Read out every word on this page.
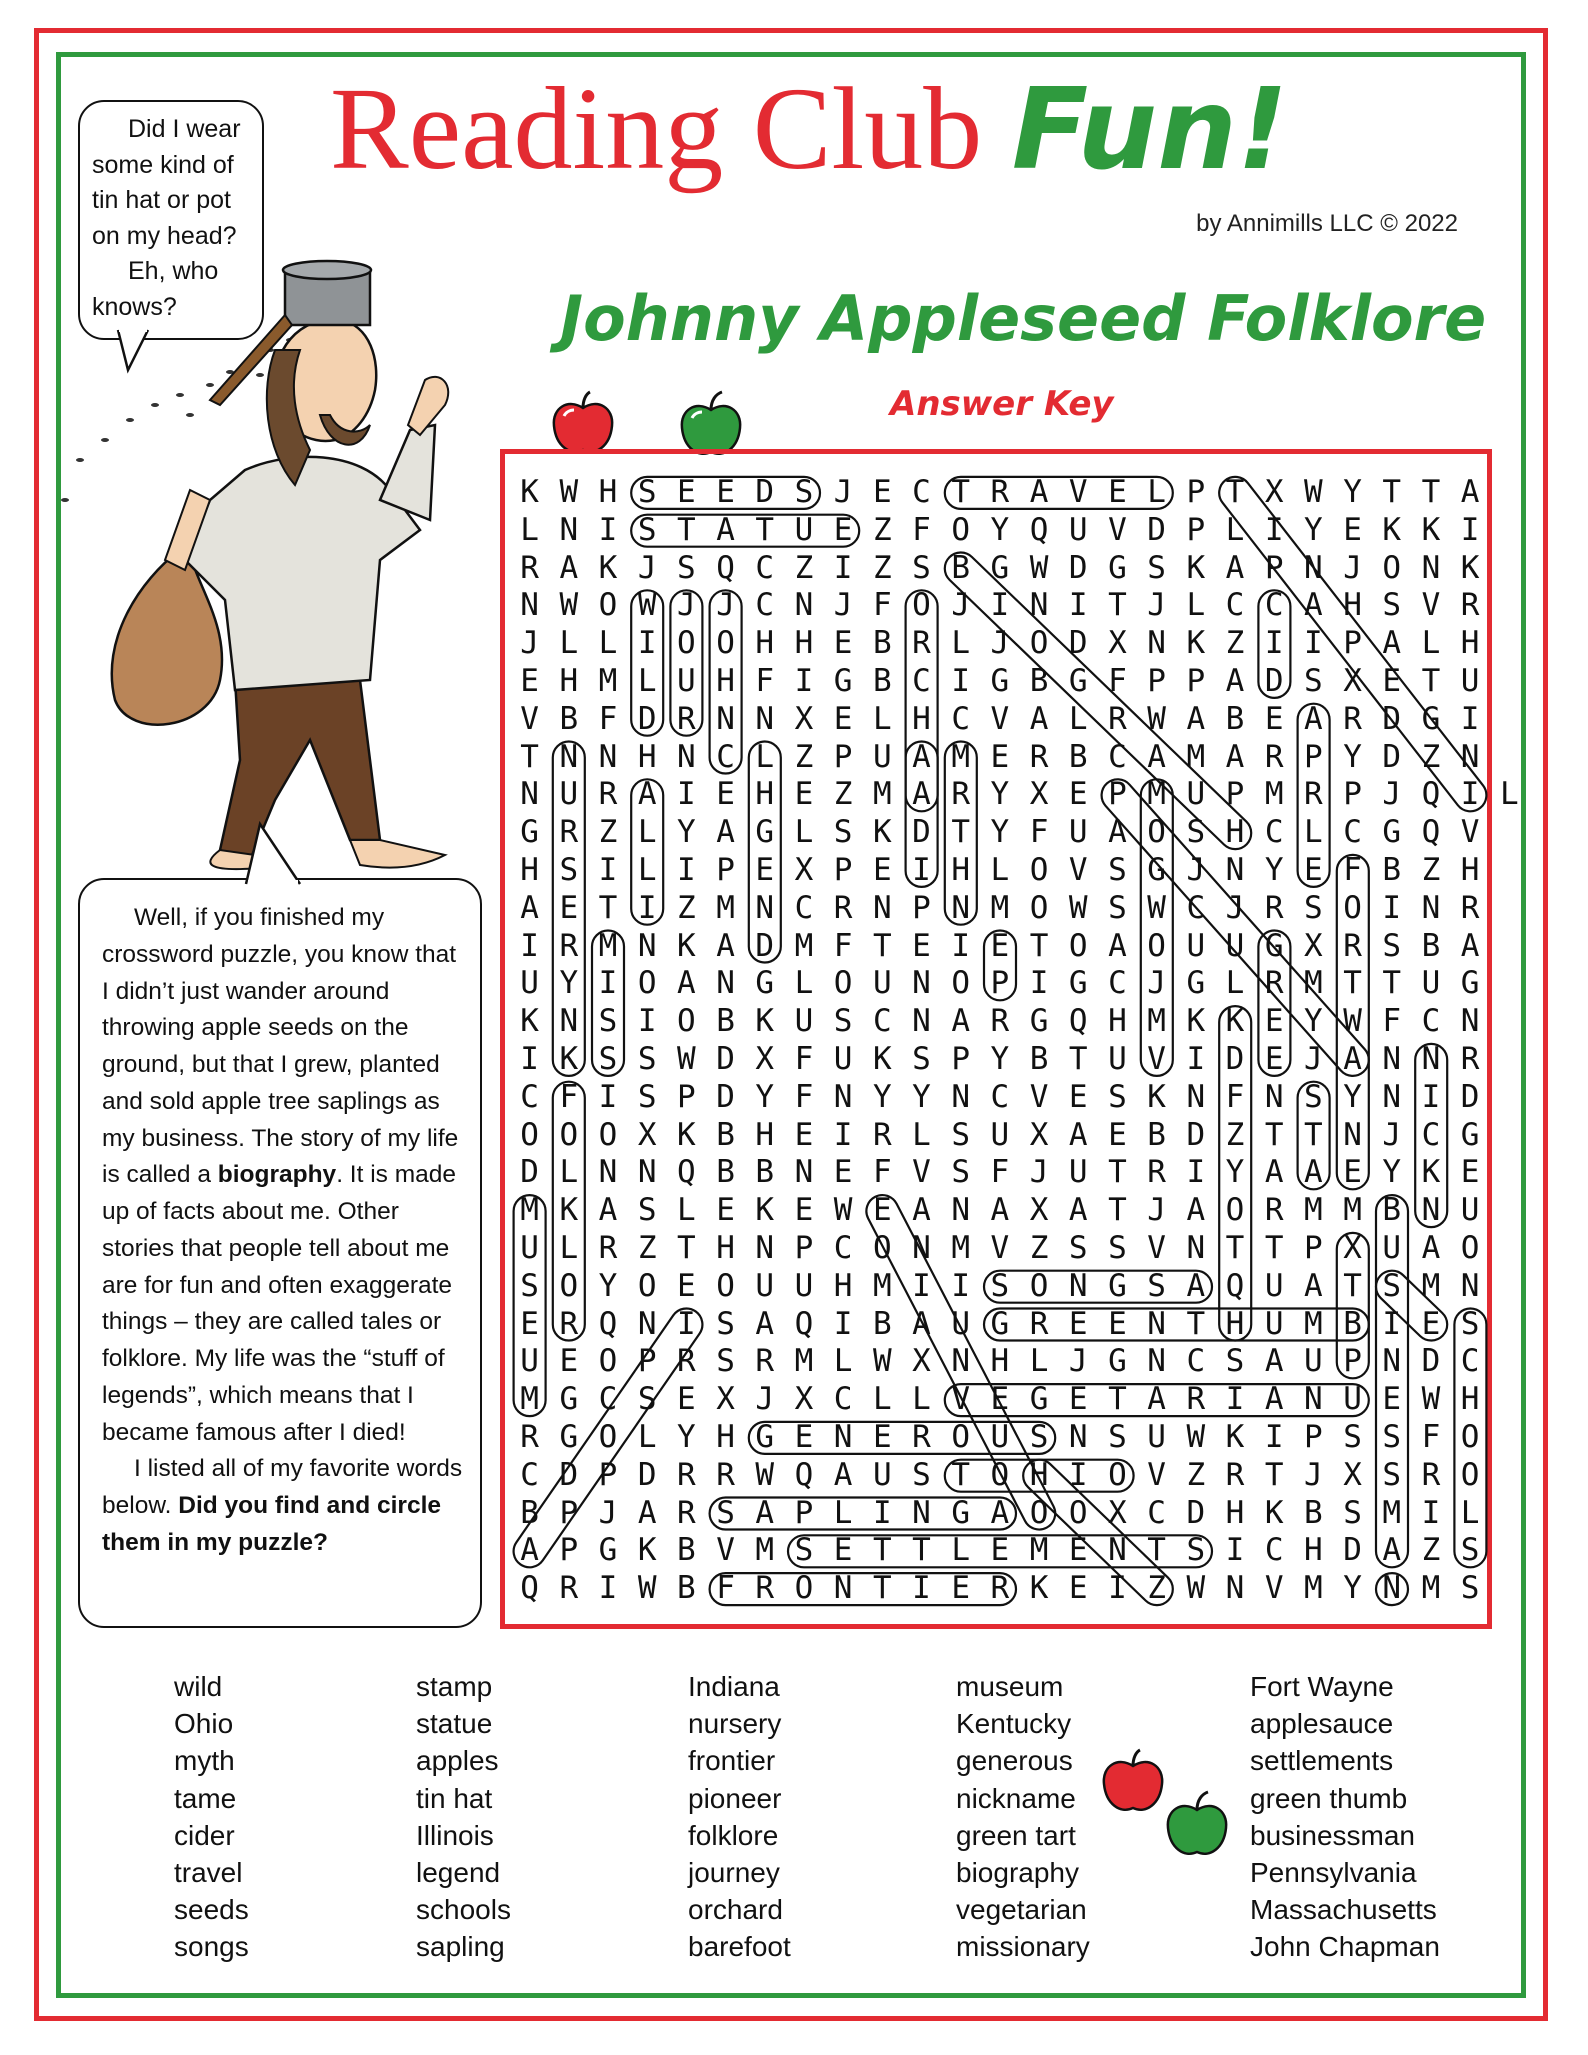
Reading Club Fun!
by Annimills LLC © 2022
Johnny Appleseed Folklore
Answer Key
Did I wear
some kind of
tin hat or pot
on my head?
Eh, who
knows?

Well, if you finished my crossword puzzle, you know that I didn’t just wander around throwing apple seeds on the ground, but that I grew, planted and sold apple tree saplings as my business. The story of my life is called a biography. It is made up of facts about me. Other stories that people tell about me are for fun and often exaggerate things – they are called tales or folklore. My life was the “stuff of legends”, which means that I became famous after I died!

I listed all of my favorite words below. Did you find and circle them in my puzzle?

K W H S E E D S J E C T R A V E L P T X W Y T T A
L N I S T A T U E Z F O Y Q U V D P L I Y E K K I
R A K J S Q C Z I Z S B G W D G S K A P N J O N K
N W O W J J C N J F O J I N I T J L C C A H S V R
J L L I O O H H E B R L J O D X N K Z I I P A L H
E H M L U H F I G B C I G B G F P P A D S X E T U
V B F D R N N X E L H C V A L R W A B E A R D G I
T N N H N C L Z P U A M E R B C A M A R P Y D Z N
N U R A I E H E Z M A R Y X E P M U P M R P J Q I L
G R Z L Y A G L S K D T Y F U A O S H C L C G Q V
H S I L I P E X P E I H L O V S G J N Y E F B Z H
A E T I Z M N C R N P N M O W S W C J R S O I N R
I R M N K A D M F T E I E T O A O U U G X R S B A
U Y I O A N G L O U N O P I G C J G L R M T T U G
K N S I O B K U S C N A R G Q H M K K E Y W F C N
I K S S W D X F U K S P Y B T U V I D E J A N N R
C F I S P D Y F N Y Y N C V E S K N F N S Y N I D
O O O X K B H E I R L S U X A E B D Z T T N J C G
D L N N Q B B N E F V S F J U T R I Y A A E Y K E
M K A S L E K E W E A N A X A T J A O R M M B N U
U L R Z T H N P C O N M V Z S S V N T T P X U A O
S O Y O E O U U H M I I S O N G S A Q U A T S M N
E R Q N I S A Q I B A U G R E E N T H U M B I E S
U E O P R S R M L W X N H L J G N C S A U P N D C
M G C S E X J X C L L V E G E T A R I A N U E W H
R G O L Y H G E N E R O U S N S U W K I P S S F O
C D P D R R W Q A U S T O H I O V Z R T J X S R O
B P J A R S A P L I N G A O O X C D H K B S M I L
A P G K B V M S E T T L E M E N T S I C H D A Z S
Q R I W B F R O N T I E R K E I Z W N V M Y N M S
wild
Ohio
myth
tame
cider
travel
seeds
songs
stamp
statue
apples
tin hat
Illinois
legend
schools
sapling
Indiana
nursery
frontier
pioneer
folklore
journey
orchard
barefoot
museum
Kentucky
generous
nickname
green tart
biography
vegetarian
missionary
Fort Wayne
applesauce
settlements
green thumb
businessman
Pennsylvania
Massachusetts
John Chapman
